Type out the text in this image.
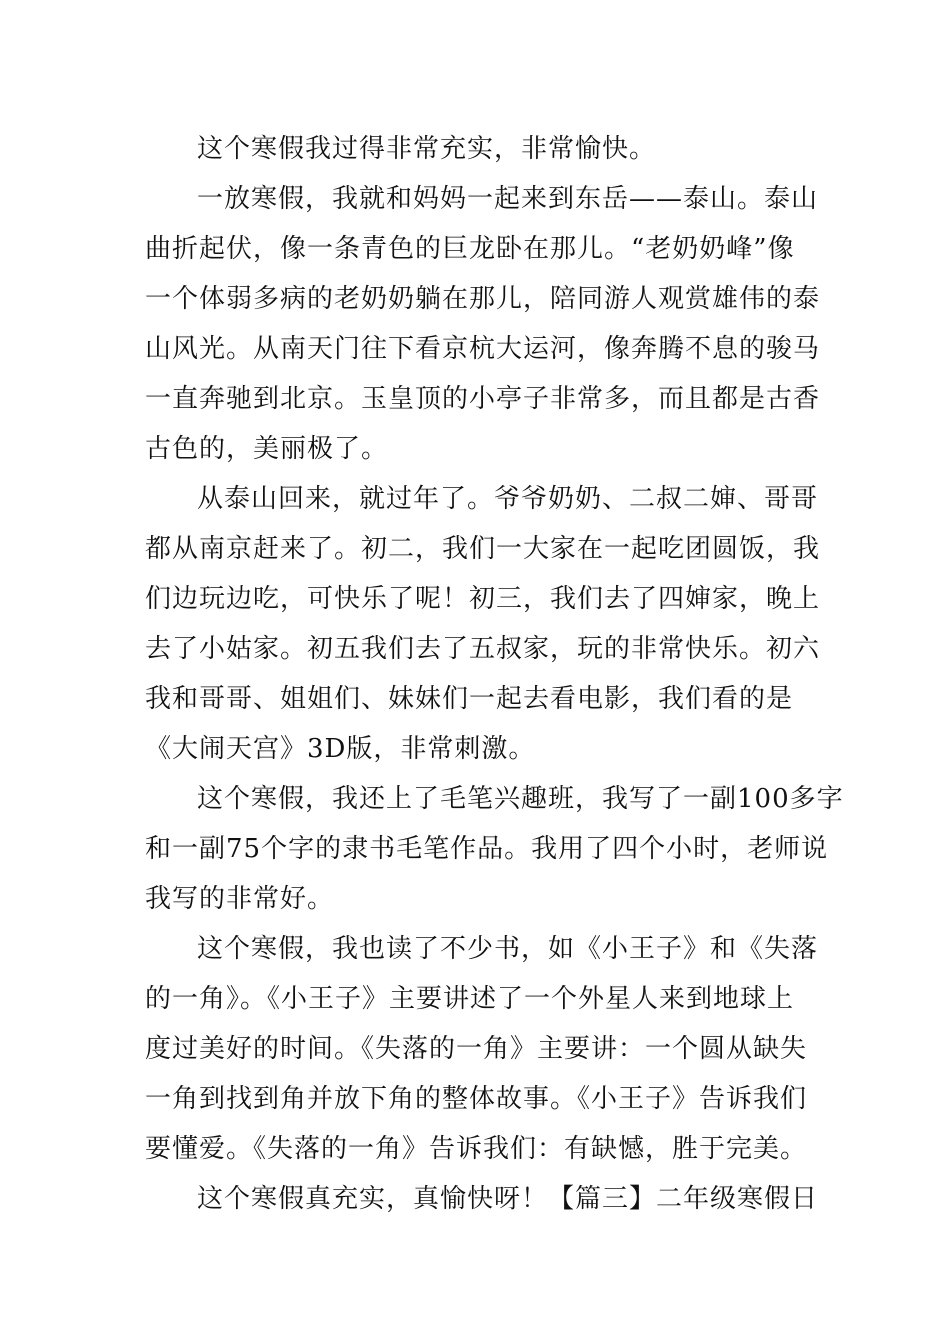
这个寒假我过得非常充实，非常愉快。
一放寒假，我就和妈妈一起来到东岳——泰山。泰山
曲折起伏，像一条青色的巨龙卧在那儿。“老奶奶峰”像
一个体弱多病的老奶奶躺在那儿，陪同游人观赏雄伟的泰
山风光。从南天门往下看京杭大运河，像奔腾不息的骏马
一直奔驰到北京。玉皇顶的小亭子非常多，而且都是古香
古色的，美丽极了。
从泰山回来，就过年了。爷爷奶奶、二叔二婶、哥哥
都从南京赶来了。初二，我们一大家在一起吃团圆饭，我
们边玩边吃，可快乐了呢！初三，我们去了四婶家，晚上
去了小姑家。初五我们去了五叔家，玩的非常快乐。初六
我和哥哥、姐姐们、妹妹们一起去看电影，我们看的是
《大闹天宫》3D版，非常刺激。
这个寒假，我还上了毛笔兴趣班，我写了一副100多字
和一副75个字的隶书毛笔作品。我用了四个小时，老师说
我写的非常好。
这个寒假，我也读了不少书，如《小王子》和《失落
的一角》。《小王子》主要讲述了一个外星人来到地球上
度过美好的时间。《失落的一角》主要讲：一个圆从缺失
一角到找到角并放下角的整体故事。《小王子》告诉我们
要懂爱。《失落的一角》告诉我们：有缺憾，胜于完美。
这个寒假真充实，真愉快呀！【篇三】二年级寒假日
